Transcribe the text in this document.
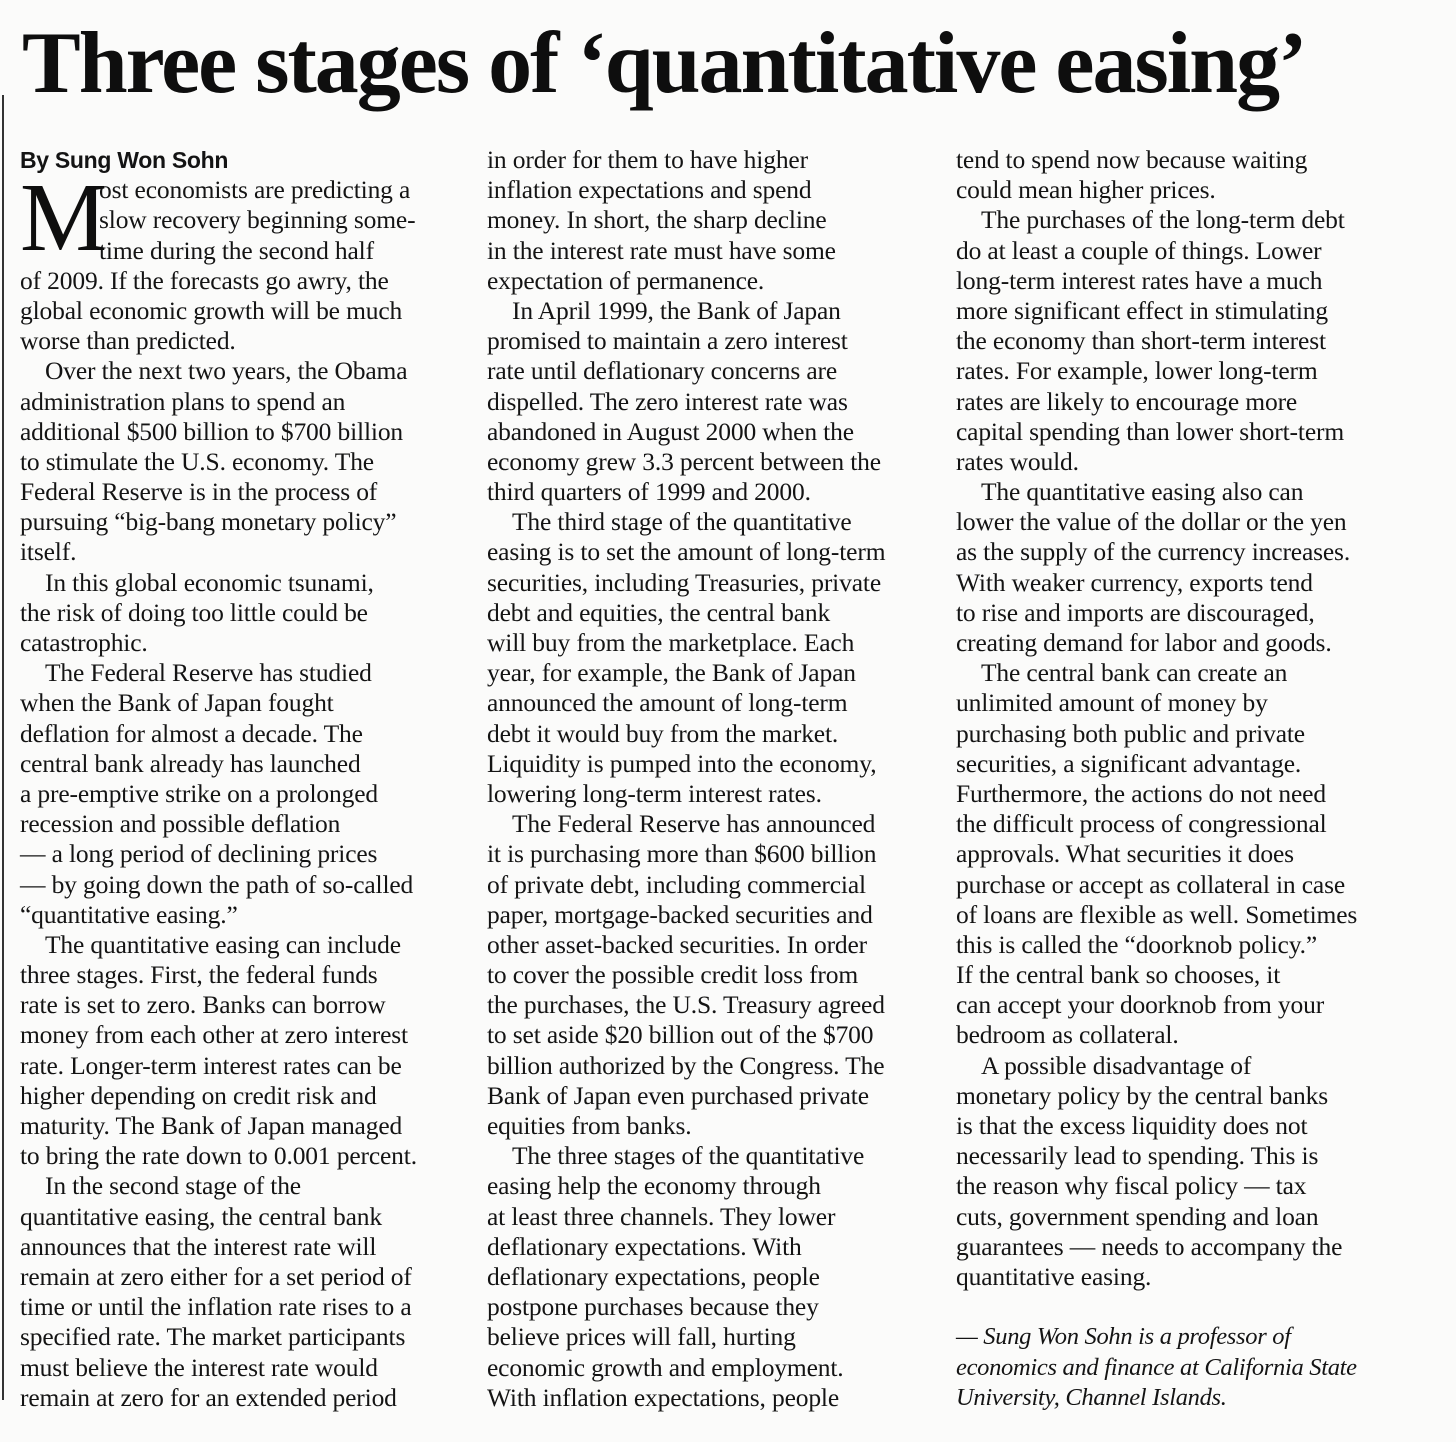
Three stages of ‘quantitative easing’
By Sung Won Sohn
M
ost economists are predicting a
slow recovery beginning some-
time during the second half
of 2009. If the forecasts go awry, the
global economic growth will be much
worse than predicted.
Over the next two years, the Obama
administration plans to spend an
additional $500 billion to $700 billion
to stimulate the U.S. economy. The
Federal Reserve is in the process of
pursuing “big-bang monetary policy”
itself.
In this global economic tsunami,
the risk of doing too little could be
catastrophic.
The Federal Reserve has studied
when the Bank of Japan fought
deflation for almost a decade. The
central bank already has launched
a pre-emptive strike on a prolonged
recession and possible deflation
— a long period of declining prices
— by going down the path of so-called
“quantitative easing.”
The quantitative easing can include
three stages. First, the federal funds
rate is set to zero. Banks can borrow
money from each other at zero interest
rate. Longer-term interest rates can be
higher depending on credit risk and
maturity. The Bank of Japan managed
to bring the rate down to 0.001 percent.
In the second stage of the
quantitative easing, the central bank
announces that the interest rate will
remain at zero either for a set period of
time or until the inflation rate rises to a
specified rate. The market participants
must believe the interest rate would
remain at zero for an extended period
in order for them to have higher
inflation expectations and spend
money. In short, the sharp decline
in the interest rate must have some
expectation of permanence.
In April 1999, the Bank of Japan
promised to maintain a zero interest
rate until deflationary concerns are
dispelled. The zero interest rate was
abandoned in August 2000 when the
economy grew 3.3 percent between the
third quarters of 1999 and 2000.
The third stage of the quantitative
easing is to set the amount of long-term
securities, including Treasuries, private
debt and equities, the central bank
will buy from the marketplace. Each
year, for example, the Bank of Japan
announced the amount of long-term
debt it would buy from the market.
Liquidity is pumped into the economy,
lowering long-term interest rates.
The Federal Reserve has announced
it is purchasing more than $600 billion
of private debt, including commercial
paper, mortgage-backed securities and
other asset-backed securities. In order
to cover the possible credit loss from
the purchases, the U.S. Treasury agreed
to set aside $20 billion out of the $700
billion authorized by the Congress. The
Bank of Japan even purchased private
equities from banks.
The three stages of the quantitative
easing help the economy through
at least three channels. They lower
deflationary expectations. With
deflationary expectations, people
postpone purchases because they
believe prices will fall, hurting
economic growth and employment.
With inflation expectations, people
tend to spend now because waiting
could mean higher prices.
The purchases of the long-term debt
do at least a couple of things. Lower
long-term interest rates have a much
more significant effect in stimulating
the economy than short-term interest
rates. For example, lower long-term
rates are likely to encourage more
capital spending than lower short-term
rates would.
The quantitative easing also can
lower the value of the dollar or the yen
as the supply of the currency increases.
With weaker currency, exports tend
to rise and imports are discouraged,
creating demand for labor and goods.
The central bank can create an
unlimited amount of money by
purchasing both public and private
securities, a significant advantage.
Furthermore, the actions do not need
the difficult process of congressional
approvals. What securities it does
purchase or accept as collateral in case
of loans are flexible as well. Sometimes
this is called the “doorknob policy.”
If the central bank so chooses, it
can accept your doorknob from your
bedroom as collateral.
A possible disadvantage of
monetary policy by the central banks
is that the excess liquidity does not
necessarily lead to spending. This is
the reason why fiscal policy — tax
cuts, government spending and loan
guarantees — needs to accompany the
quantitative easing.
— Sung Won Sohn is a professor of
economics and finance at California State
University, Channel Islands.
